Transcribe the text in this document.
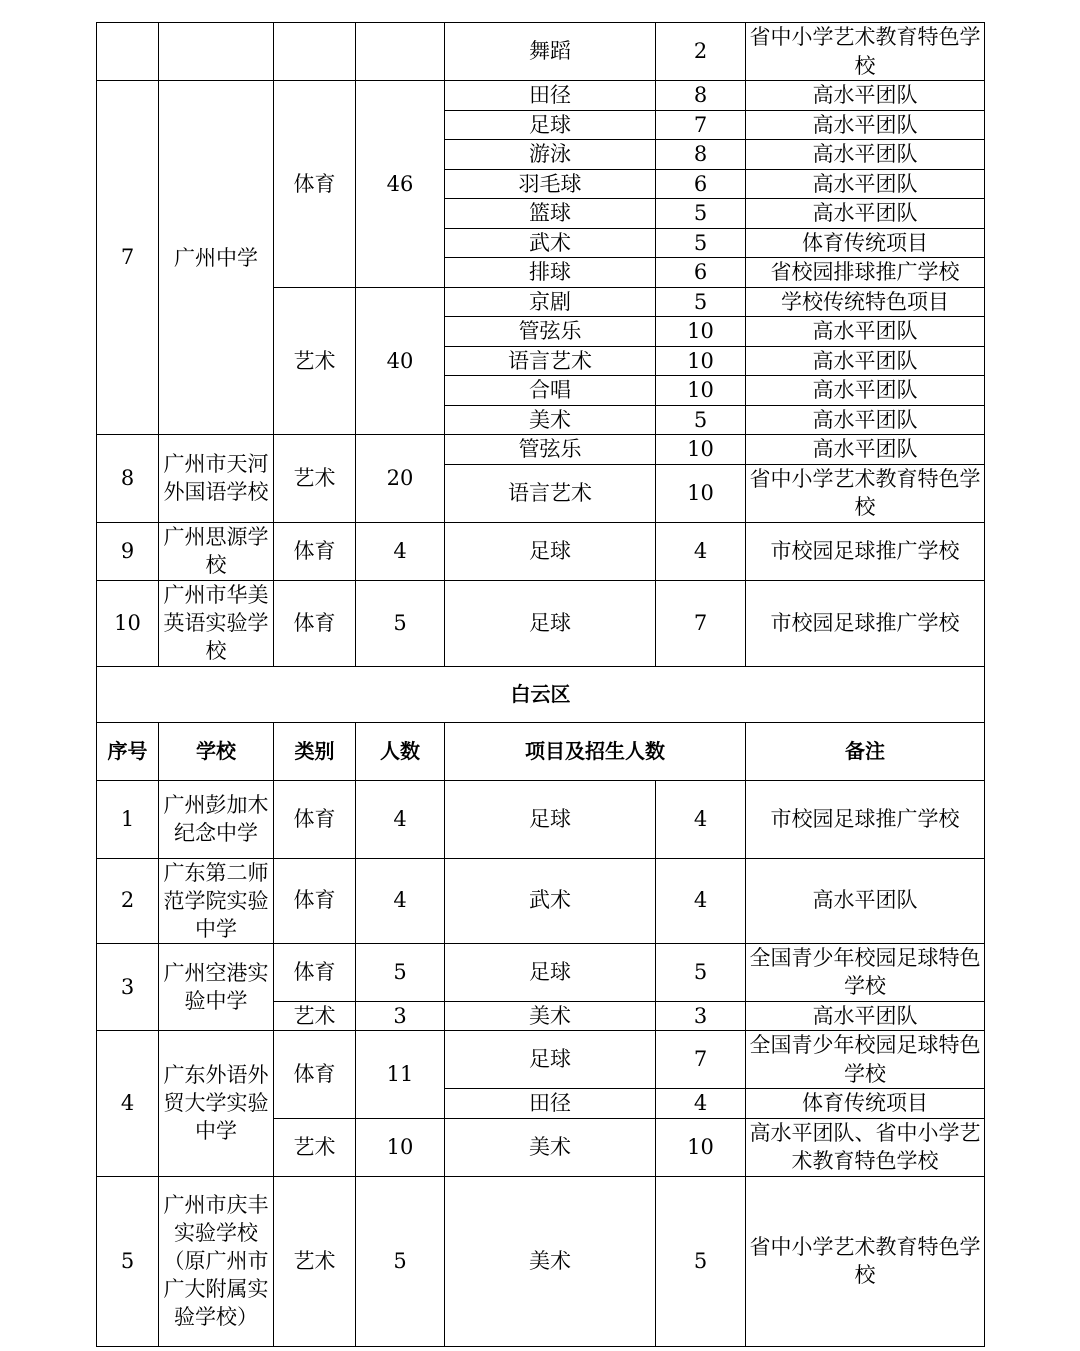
				舞蹈	2	省中小学艺术教育特色学校
7	广州中学	体育	46	田径	8	高水平团队
				足球	7	高水平团队
				游泳	8	高水平团队
				羽毛球	6	高水平团队
				篮球	5	高水平团队
				武术	5	体育传统项目
				排球	6	省校园排球推广学校
		艺术	40	京剧	5	学校传统特色项目
				管弦乐	10	高水平团队
				语言艺术	10	高水平团队
				合唱	10	高水平团队
				美术	5	高水平团队
8	广州市天河外国语学校	艺术	20	管弦乐	10	高水平团队
				语言艺术	10	省中小学艺术教育特色学校
9	广州思源学校	体育	4	足球	4	市校园足球推广学校
10	广州市华美英语实验学校	体育	5	足球	7	市校园足球推广学校
白云区						
序号	学校	类别	人数	项目及招生人数		备注
1	广州彭加木纪念中学	体育	4	足球	4	市校园足球推广学校
2	广东第二师范学院实验中学	体育	4	武术	4	高水平团队
3	广州空港实验中学	体育	5	足球	5	全国青少年校园足球特色学校
		艺术	3	美术	3	高水平团队
4	广东外语外贸大学实验中学	体育	11	足球	7	全国青少年校园足球特色学校
				田径	4	体育传统项目
		艺术	10	美术	10	高水平团队、省中小学艺术教育特色学校
5	广州市庆丰实验学校（原广州市广大附属实验学校）	艺术	5	美术	5	省中小学艺术教育特色学校
